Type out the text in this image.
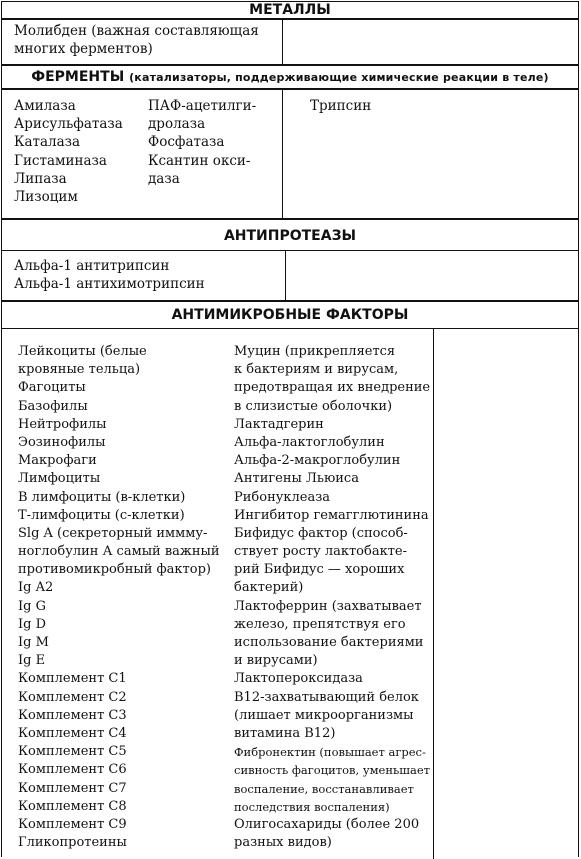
МЕТАЛЛЫ
Молибден (важная составляющая
многих ферментов)
ФЕРМЕНТЫ (катализаторы, поддерживающие химические реакции в теле)
Амилаза
Арисульфатаза
Каталаза
Гистаминаза
Липаза
Лизоцим
ПАФ-ацетилги-
дролаза
Фосфатаза
Ксантин окси-
даза
Трипсин
АНТИПРОТЕАЗЫ
Альфа-1 антитрипсин
Альфа-1 антихимотрипсин
АНТИМИКРОБНЫЕ ФАКТОРЫ
Лейкоциты (белые
кровяные тельца)
Фагоциты
Базофилы
Нейтрофилы
Эозинофилы
Макрофаги
Лимфоциты
В лимфоциты (в-клетки)
Т-лимфоциты (с-клетки)
Slg A (секреторный иммму-
ноглобулин А самый важный
противомикробный фактор)
Ig A2
Ig G
Ig D
Ig M
Ig E
Комплемент С1
Комплемент С2
Комплемент С3
Комплемент С4
Комплемент С5
Комплемент С6
Комплемент С7
Комплемент С8
Комплемент С9
Гликопротеины
Муцин (прикрепляется
к бактериям и вирусам,
предотвращая их внедрение
в слизистые оболочки)
Лактадгерин
Альфа-лактоглобулин
Альфа-2-макроглобулин
Антигены Льюиса
Рибонуклеаза
Ингибитор гемагглютинина
Бифидус фактор (способ-
ствует росту лактобакте-
рий Бифидус — хороших
бактерий)
Лактоферрин (захватывает
железо, препятствуя его
использование бактериями
и вирусами)
Лактопероксидаза
В12-захватывающий белок
(лишает микроорганизмы
витамина В12)
Фибронектин (повышает агрес-
сивность фагоцитов, уменьшает
воспаление, восстанавливает
последствия воспаления)
Олигосахариды (более 200
разных видов)
